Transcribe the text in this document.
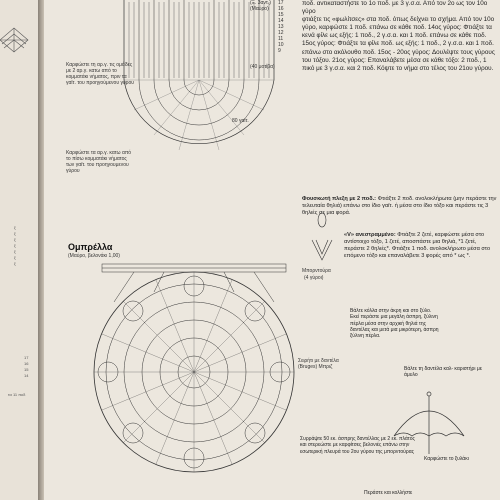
ξ
ξ
ξ
ξ
ξ
ξ
ξ
17
16
15
14
τα 11 ποδ
17
16
15
14
13
12
11
10
9
(Ξ. 3αντ.)
(Μαύρο)
(40 μοτίβα)
80 γαϊτ.
Καρφώστε τη αρ.γ. τις ομάδες με 2 αρ.γ. κατω από το κομματάκι νήματος, πριν τα γαϊτ. του προηγούμενου γύρου
Καρφώστε τα αρ.γ. κατω από το πίσω κομματάκι νήματος των γαϊτ. του προηγουμενου γύρου

ποδ. αντικαταστήστε το 1ο ποδ. με 3 γ.σ.α. Από τον 2ο ως τον 10ο γύρο

φτιάξτε τις «φωλίτσες» στα ποδ. όπως δείχνει το σχήμα. Από τον 10ο γύρο, καρφώστε 1 ποδ. επάνω σε κάθε ποδ. 14ος γύρος: Φτιάξτε τα κενά φίλε ως εξής: 1 ποδ., 2 γ.σ.α. και 1 ποδ. επάνω σε κάθε ποδ. 15ος γύρος: Φτιάξτε τα φίλε ποδ. ως εξής: 1 ποδ., 2 γ.σ.α. και 1 ποδ.

επάνω στο ακόλουθο ποδ. 15ος - 20ος γύρος: Δουλέψτε τους γύρους του τόξου. 21ος γύρος: Επαναλάβετε μέσα σε κάθε τόξο: 2 ποδ., 1 πικό με 3 γ.σ.α. και 2 ποδ. Κόψτε το νήμα στο τέλος του 21ου γύρου.

Φουσκωτή πλεξη με 2 ποδ.: Φτιάξτε 2 ποδ. ανολοκλήρωτα (μην περάστε την τελευταία θηλιά) επάνω στο ίδιο γαϊτ. ή μέσα στο ίδιο τόξο και περάστε τις 3 θηλιές σε μια φορά.
«V» ανεστραμμένο: Φτιάξτε 2 ζετέ, καρφώστε μέσα στο αντίστοιχο τόξο, 1 ζετέ, αποσπάστε μια θηλιά, *1 ζετέ, περάστε 2 θηλιές*. Φτιάξτε 1 ποδ. ανολοκλήρωτο μέσα στο επόμενο τόξο και επαναλάβετε 3 φορές από * ως *.
Ομπρέλλα
(Μαύρο, βελονάκι 1,00)
Μπορντούρα
(4 γύροι)
Σειρήτι με δαντέλα (Bruges) Μπριζ
Βάλτε κόλλα στην άκρη και στο ξύλο. Εκεί περάστε μια μεγάλη άσπρη, ξύλινη πέρλα μέσα στην αρχική θηλιά της δαντέλας και μετά μια μικρότερη, άσπρη ξύλινη πέρλα.
Βάλτε τη δαντέλα καλ- καριστήρι με άμυλο
Συρράψτε 50 εκ. άσπρης δαντέλλας με 2 εκ. πλάτος και στερεώστε με καρφίτσες βελονιές επάνω στην εσωτερική πλευρά του 2ου γύρου της μπορντούρας
Καρφώστε το ξυλάκι
Περάστε και κολλήστε
